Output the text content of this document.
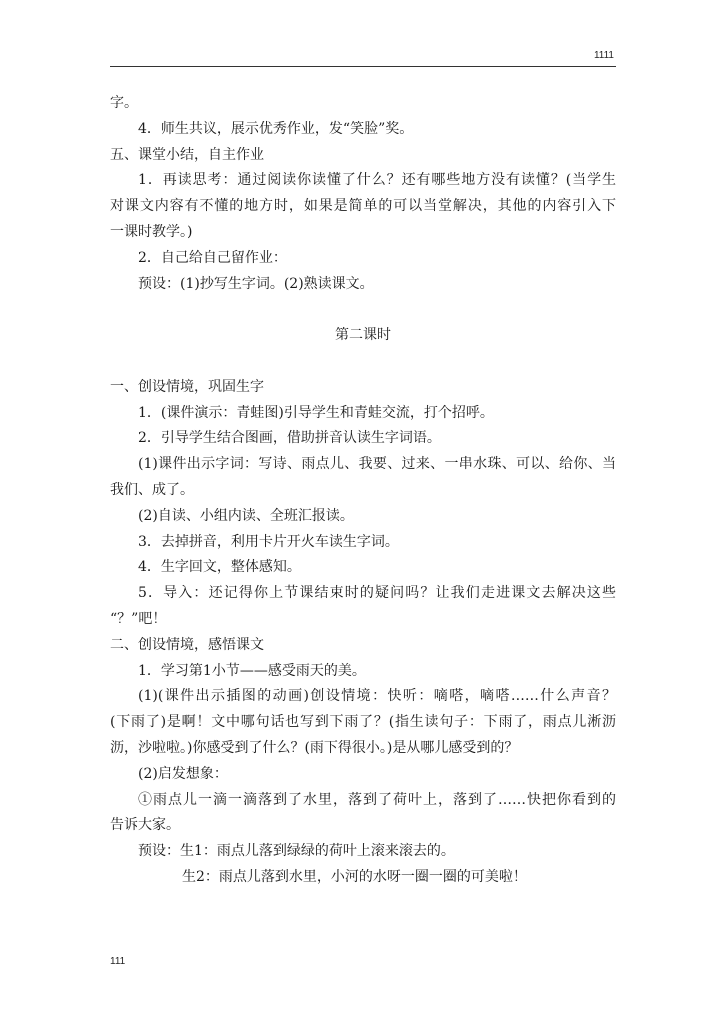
1111
字。
4．师生共议，展示优秀作业，发“笑脸”奖。
五、课堂小结，自主作业
1．再读思考：通过阅读你读懂了什么？还有哪些地方没有读懂？(当学生
对课文内容有不懂的地方时，如果是简单的可以当堂解决，其他的内容引入下
一课时教学。)
2．自己给自己留作业：
预设：(1)抄写生字词。(2)熟读课文。
第二课时
一、创设情境，巩固生字
1．(课件演示：青蛙图)引导学生和青蛙交流，打个招呼。
2．引导学生结合图画，借助拼音认读生字词语。
(1)课件出示字词：写诗、雨点儿、我要、过来、一串水珠、可以、给你、当
我们、成了。
(2)自读、小组内读、全班汇报读。
3．去掉拼音，利用卡片开火车读生字词。
4．生字回文，整体感知。
5．导入：还记得你上节课结束时的疑问吗？让我们走进课文去解决这些
“？”吧！
二、创设情境，感悟课文
1．学习第1小节——感受雨天的美。
(1)(课件出示插图的动画)创设情境：快听：嘀嗒，嘀嗒……什么声音？
(下雨了)是啊！文中哪句话也写到下雨了？(指生读句子：下雨了，雨点儿淅沥
沥，沙啦啦。)你感受到了什么？(雨下得很小。)是从哪儿感受到的？
(2)启发想象：
①雨点儿一滴一滴落到了水里，落到了荷叶上，落到了……快把你看到的
告诉大家。
预设：生1：雨点儿落到绿绿的荷叶上滚来滚去的。
生2：雨点儿落到水里，小河的水呀一圈一圈的可美啦！
111
